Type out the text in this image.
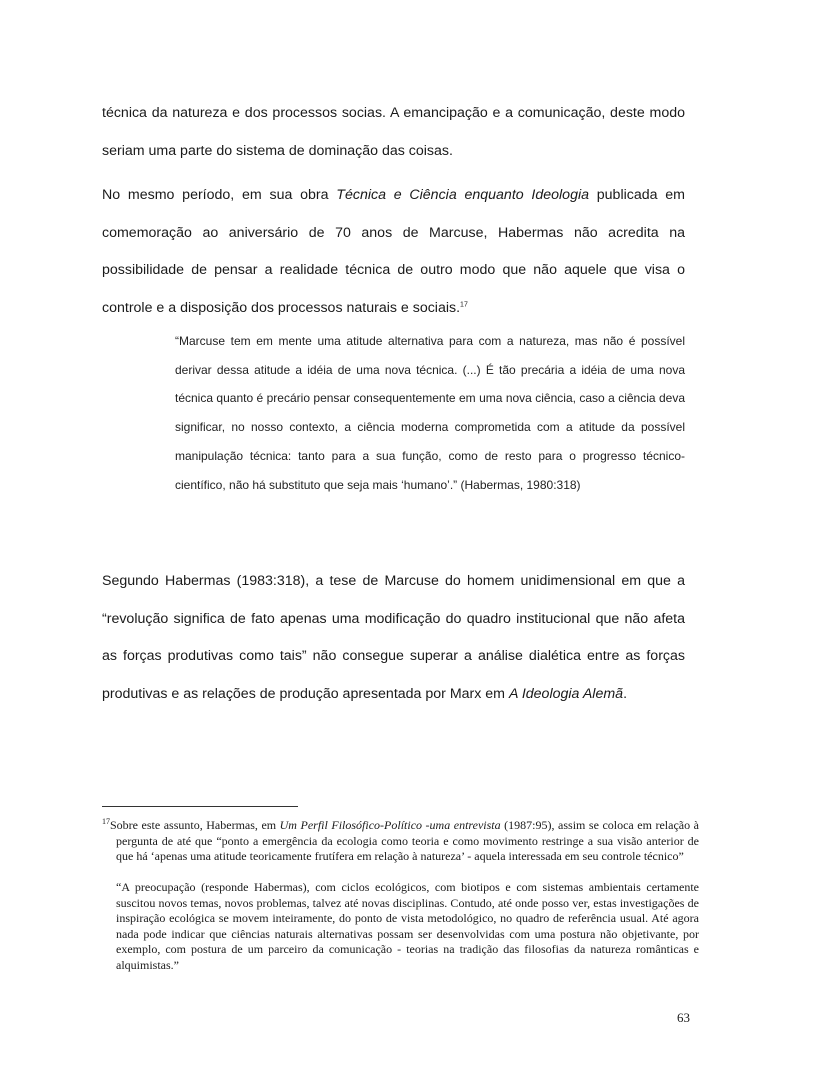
técnica da natureza e dos processos socias. A emancipação e a comunicação, deste modo seriam uma parte do sistema de dominação das coisas.

No mesmo período, em sua obra Técnica e Ciência enquanto Ideologia publicada em comemoração ao aniversário de 70 anos de Marcuse, Habermas não acredita na possibilidade de pensar a realidade técnica de outro modo que não aquele que visa o controle e a disposição dos processos naturais e sociais.$^{17}$

“Marcuse tem em mente uma atitude alternativa para com a natureza, mas não é possível derivar dessa atitude a idéia de uma nova técnica. (...) É tão precária a idéia de uma nova técnica quanto é precário pensar consequentemente em uma nova ciência, caso a ciência deva significar, no nosso contexto, a ciência moderna comprometida com a atitude da possível manipulação técnica: tanto para a sua função, como de resto para o progresso técnico-científico, não há substituto que seja mais ‘humano’.” (Habermas, 1980:318)

Segundo Habermas (1983:318), a tese de Marcuse do homem unidimensional em que a “revolução significa de fato apenas uma modificação do quadro institucional que não afeta as forças produtivas como tais” não consegue superar a análise dialética entre as forças produtivas e as relações de produção apresentada por Marx em A Ideologia Alemã.

$^{17}$Sobre este assunto, Habermas, em Um Perfil Filosófico-Político -uma entrevista (1987:95), assim se coloca em relação à pergunta de até que “ponto a emergência da ecologia como teoria e como movimento restringe a sua visão anterior de que há ‘apenas uma atitude teoricamente frutífera em relação à natureza’ - aquela interessada em seu controle técnico”

“A preocupação (responde Habermas), com ciclos ecológicos, com biotipos e com sistemas ambientais certamente suscitou novos temas, novos problemas, talvez até novas disciplinas. Contudo, até onde posso ver, estas investigações de inspiração ecológica se movem inteiramente, do ponto de vista metodológico, no quadro de referência usual. Até agora nada pode indicar que ciências naturais alternativas possam ser desenvolvidas com uma postura não objetivante, por exemplo, com postura de um parceiro da comunicação - teorias na tradição das filosofias da natureza românticas e alquimistas.”

63
